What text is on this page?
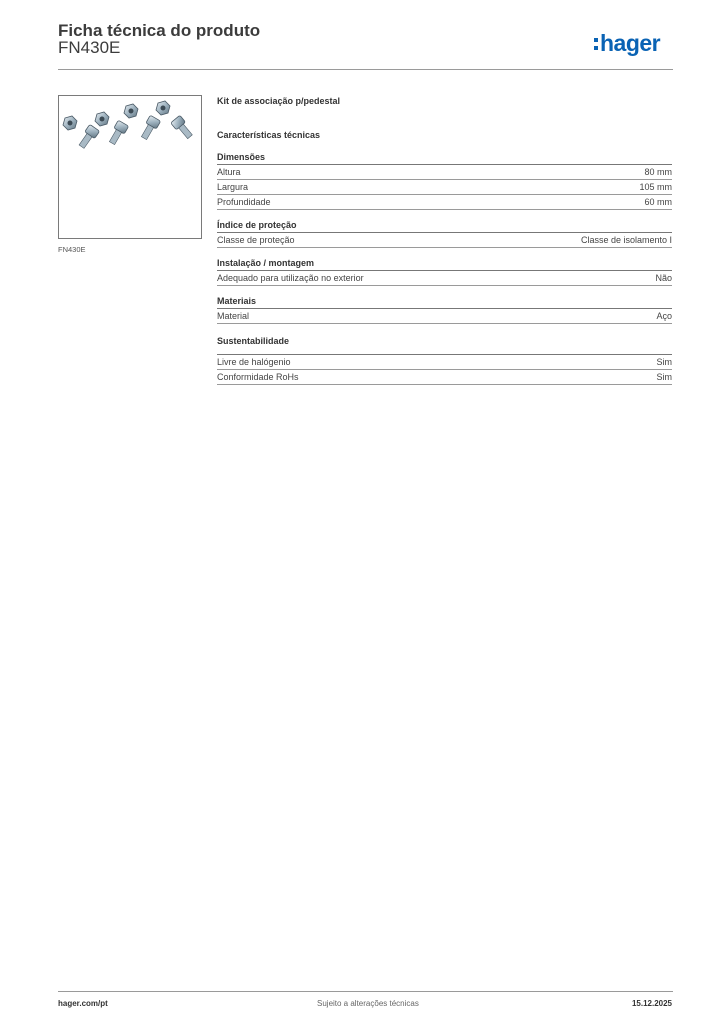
Ficha técnica do produto
FN430E	hager
FN430E
Kit de associação p/pedestal
Características técnicas
Dimensões
Altura	80 mm
Largura	105 mm
Profundidade	60 mm
Índice de proteção
Classe de proteção	Classe de isolamento I
Instalação / montagem
Adequado para utilização no exterior	Não
Materiais
Material	Aço
Sustentabilidade
Livre de halógenio	Sim
Conformidade RoHs	Sim
hager.com/pt	Sujeito a alterações técnicas	15.12.2025
